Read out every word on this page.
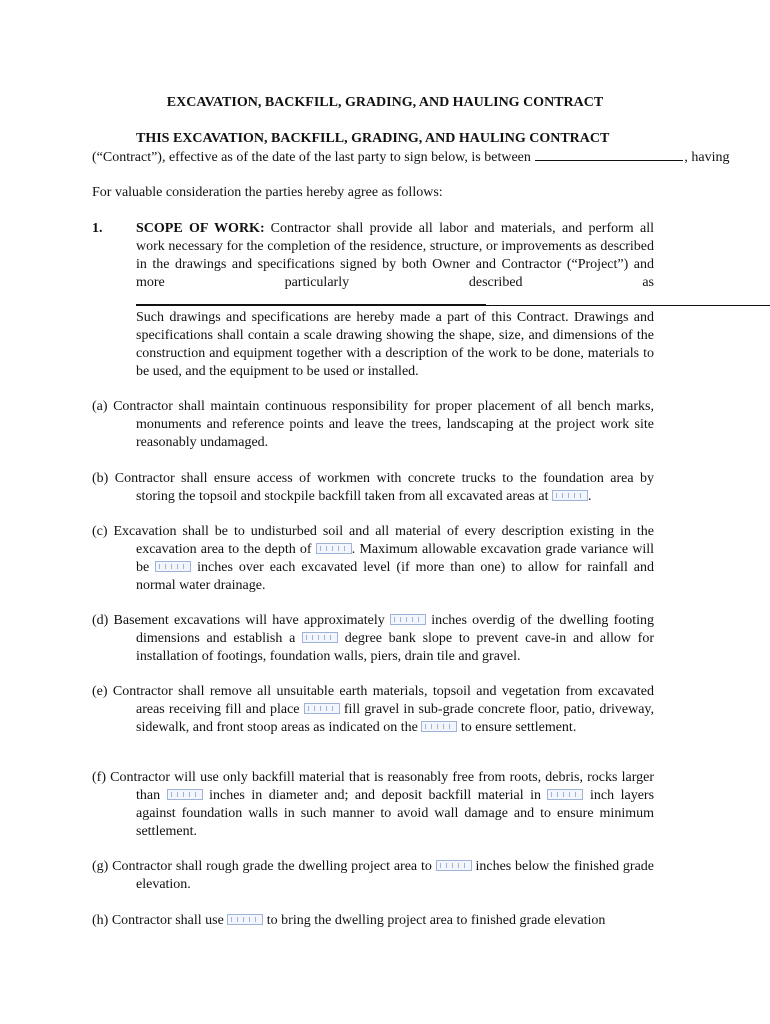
EXCAVATION, BACKFILL, GRADING, AND HAULING CONTRACT
THIS EXCAVATION, BACKFILL, GRADING, AND HAULING CONTRACT
(“Contract”), effective as of the date of the last party to sign below, is between	, having
For valuable consideration the parties hereby agree as follows:
1. SCOPE OF WORK: Contractor shall provide all labor and materials, and perform all work necessary for the completion of the residence, structure, or improvements as described in the drawings and specifications signed by both Owner and Contractor (“Project”) and more particularly described as
Such drawings and specifications are hereby made a part of this Contract. Drawings and specifications shall contain a scale drawing showing the shape, size, and dimensions of the construction and equipment together with a description of the work to be done, materials to be used, and the equipment to be used or installed.
(a) Contractor shall maintain continuous responsibility for proper placement of all bench marks, monuments and reference points and leave the trees, landscaping at the project work site reasonably undamaged.
(b) Contractor shall ensure access of workmen with concrete trucks to the foundation area by storing the topsoil and stockpile backfill taken from all excavated areas at	.
(c) Excavation shall be to undisturbed soil and all material of every description existing in the excavation area to the depth of	. Maximum allowable excavation grade variance will be	inches over each excavated level (if more than one) to allow for rainfall and normal water drainage.
(d) Basement excavations will have approximately	inches overdig of the dwelling footing dimensions and establish a	degree bank slope to prevent cave-in and allow for installation of footings, foundation walls, piers, drain tile and gravel.
(e) Contractor shall remove all unsuitable earth materials, topsoil and vegetation from excavated areas receiving fill and place	fill gravel in sub-grade concrete floor, patio, driveway, sidewalk, and front stoop areas as indicated on the	to ensure settlement.
(f) Contractor will use only backfill material that is reasonably free from roots, debris, rocks larger than	inches in diameter and; and deposit backfill material in	inch layers against foundation walls in such manner to avoid wall damage and to ensure minimum settlement.
(g) Contractor shall rough grade the dwelling project area to	inches below the finished grade elevation.
(h) Contractor shall use	to bring the dwelling project area to finished grade elevation
